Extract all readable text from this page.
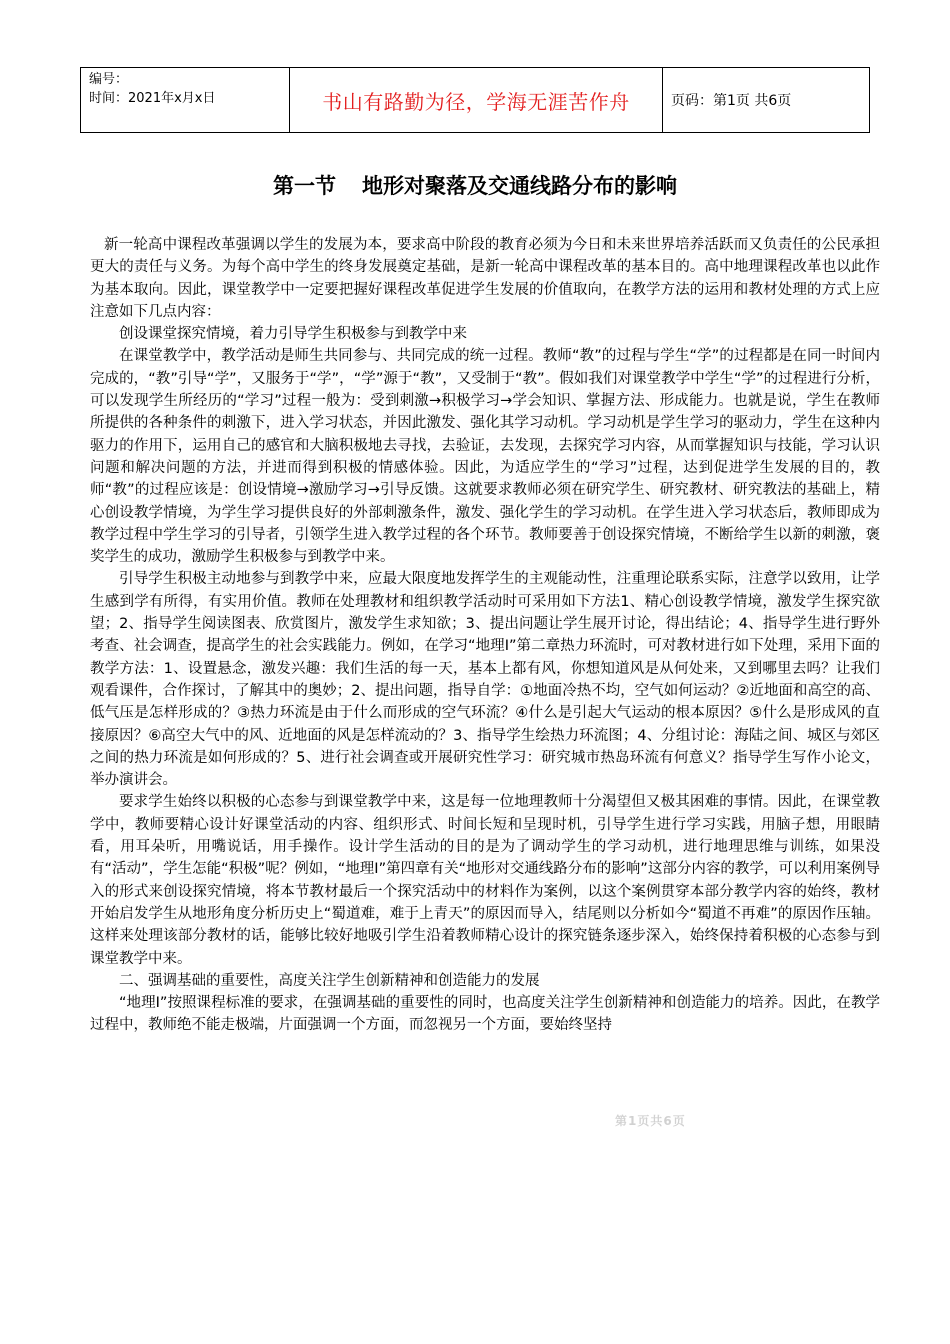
编号：
时间：2021年x月x日	书山有路勤为径，学海无涯苦作舟	页码：第1页 共6页
第一节 地形对聚落及交通线路分布的影响

新一轮高中课程改革强调以学生的发展为本，要求高中阶段的教育必须为今日和未来世界培养活跃而又负责任的公民承担更大的责任与义务。为每个高中学生的终身发展奠定基础，是新一轮高中课程改革的基本目的。高中地理课程改革也以此作为基本取向。因此，课堂教学中一定要把握好课程改革促进学生发展的价值取向，在教学方法的运用和教材处理的方式上应注意如下几点内容：

创设课堂探究情境，着力引导学生积极参与到教学中来

在课堂教学中，教学活动是师生共同参与、共同完成的统一过程。教师“教”的过程与学生“学”的过程都是在同一时间内完成的，“教”引导“学”，又服务于“学”，“学”源于“教”，又受制于“教”。假如我们对课堂教学中学生“学”的过程进行分析，可以发现学生所经历的“学习”过程一般为：受到刺激→积极学习→学会知识、掌握方法、形成能力。也就是说，学生在教师所提供的各种条件的刺激下，进入学习状态，并因此激发、强化其学习动机。学习动机是学生学习的驱动力，学生在这种内驱力的作用下，运用自己的感官和大脑积极地去寻找，去验证，去发现，去探究学习内容，从而掌握知识与技能，学习认识问题和解决问题的方法，并进而得到积极的情感体验。因此，为适应学生的“学习”过程，达到促进学生发展的目的，教师“教”的过程应该是：创设情境→激励学习→引导反馈。这就要求教师必须在研究学生、研究教材、研究教法的基础上，精心创设教学情境，为学生学习提供良好的外部刺激条件，激发、强化学生的学习动机。在学生进入学习状态后，教师即成为教学过程中学生学习的引导者，引领学生进入教学过程的各个环节。教师要善于创设探究情境，不断给学生以新的刺激，褒奖学生的成功，激励学生积极参与到教学中来。

引导学生积极主动地参与到教学中来，应最大限度地发挥学生的主观能动性，注重理论联系实际，注意学以致用，让学生感到学有所得，有实用价值。教师在处理教材和组织教学活动时可采用如下方法1、精心创设教学情境，激发学生探究欲望；2、指导学生阅读图表、欣赏图片，激发学生求知欲；3、提出问题让学生展开讨论，得出结论；4、指导学生进行野外考查、社会调查，提高学生的社会实践能力。例如，在学习“地理I”第二章热力环流时，可对教材进行如下处理，采用下面的教学方法：1、设置悬念，激发兴趣：我们生活的每一天，基本上都有风，你想知道风是从何处来，又到哪里去吗？让我们观看课件，合作探讨，了解其中的奥妙；2、提出问题，指导自学：①地面冷热不均，空气如何运动？②近地面和高空的高、低气压是怎样形成的？③热力环流是由于什么而形成的空气环流？④什么是引起大气运动的根本原因？⑤什么是形成风的直接原因？⑥高空大气中的风、近地面的风是怎样流动的？3、指导学生绘热力环流图；4、分组讨论：海陆之间、城区与郊区之间的热力环流是如何形成的？5、进行社会调查或开展研究性学习：研究城市热岛环流有何意义？指导学生写作小论文，举办演讲会。

要求学生始终以积极的心态参与到课堂教学中来，这是每一位地理教师十分渴望但又极其困难的事情。因此，在课堂教学中，教师要精心设计好课堂活动的内容、组织形式、时间长短和呈现时机，引导学生进行学习实践，用脑子想，用眼睛看，用耳朵听，用嘴说话，用手操作。设计学生活动的目的是为了调动学生的学习动机，进行地理思维与训练，如果没有“活动”，学生怎能“积极”呢？例如，“地理I”第四章有关“地形对交通线路分布的影响”这部分内容的教学，可以利用案例导入的形式来创设探究情境，将本节教材最后一个探究活动中的材料作为案例，以这个案例贯穿本部分教学内容的始终，教材开始启发学生从地形角度分析历史上“蜀道难，难于上青天”的原因而导入，结尾则以分析如今“蜀道不再难”的原因作压轴。这样来处理该部分教材的话，能够比较好地吸引学生沿着教师精心设计的探究链条逐步深入，始终保持着积极的心态参与到课堂教学中来。

二、强调基础的重要性，高度关注学生创新精神和创造能力的发展

“地理I”按照课程标准的要求，在强调基础的重要性的同时，也高度关注学生创新精神和创造能力的培养。因此，在教学过程中，教师绝不能走极端，片面强调一个方面，而忽视另一个方面，要始终坚持

第1页共6页
